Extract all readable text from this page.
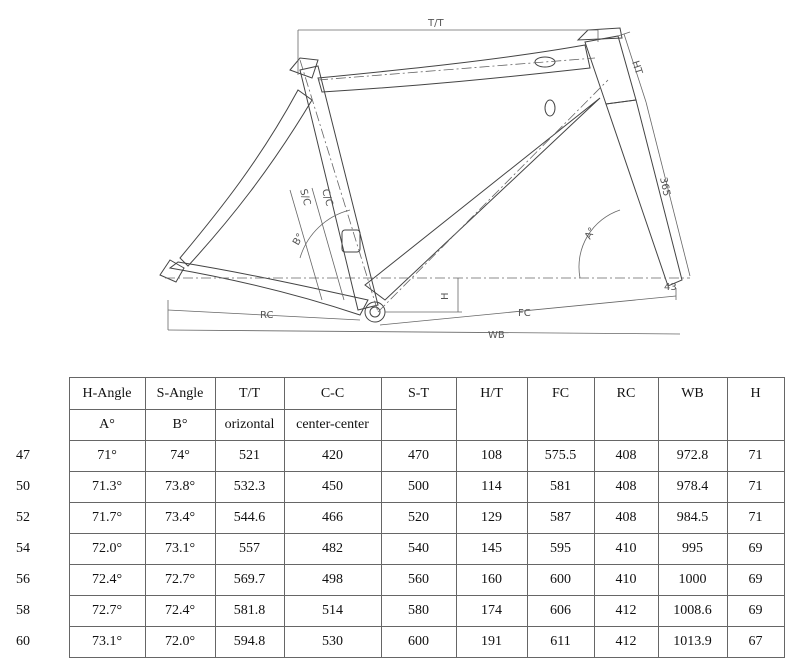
T/T
HT
365
43
S/C C/C
B°	A°
H
RC	FC
WB
	H-Angle	S-Angle	T/T	C-C	S-T	H/T	FC	RC	WB	H
	A°	B°	orizontal	center-center						
47	71°	74°	521	420	470	108	575.5	408	972.8	71
50	71.3°	73.8°	532.3	450	500	114	581	408	978.4	71
52	71.7°	73.4°	544.6	466	520	129	587	408	984.5	71
54	72.0°	73.1°	557	482	540	145	595	410	995	69
56	72.4°	72.7°	569.7	498	560	160	600	410	1000	69
58	72.7°	72.4°	581.8	514	580	174	606	412	1008.6	69
60	73.1°	72.0°	594.8	530	600	191	611	412	1013.9	67
